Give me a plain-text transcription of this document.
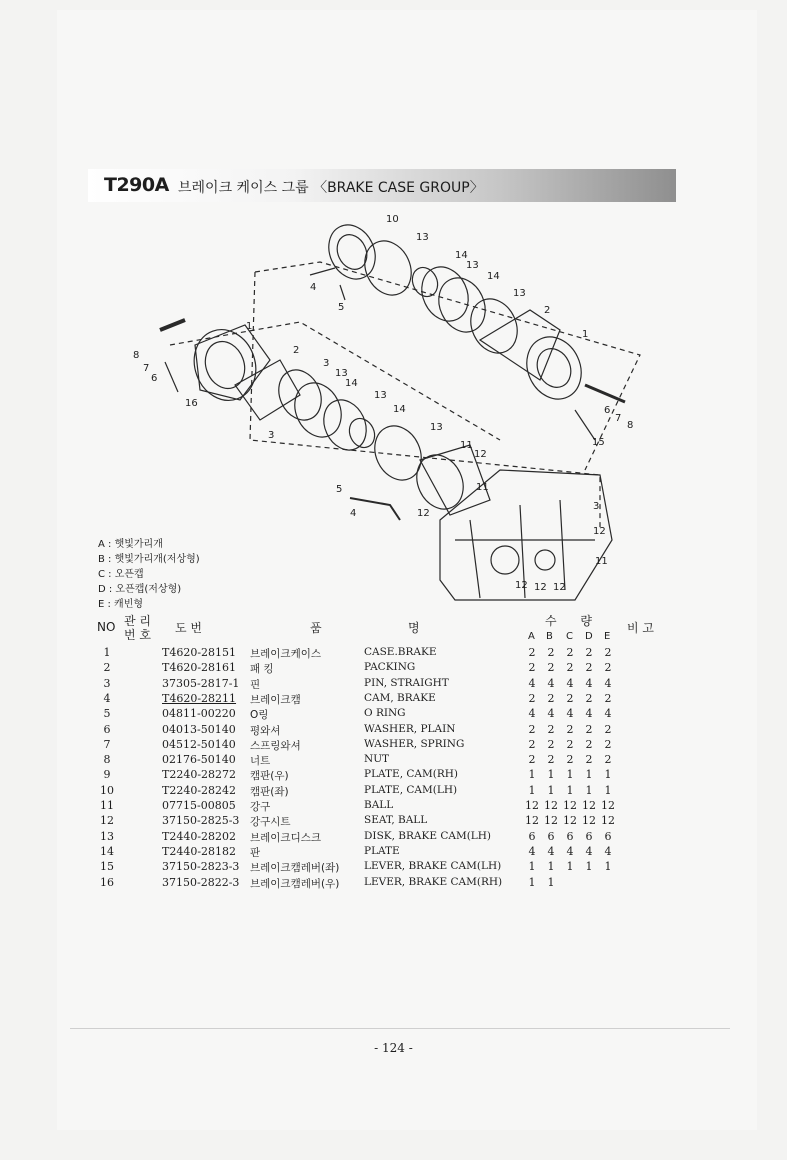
T290A 브레이크 케이스 그룹 〈BRAKE CASE GROUP〉
10
13
14
13
14
13
2
1
4
5
1
8
7
6
2
3
13
14
16
13
14
13
3
11
12
11
5
4	12
3
12
11
12 12 12
6
7
8
15
A : 햇빛가리개
B : 햇빛가리개(저상형)
C : 오픈캡
D : 오픈캡(저상형)
E : 캐빈형
NO 관 리
번 호 도 번	품	명	수 량	비 고
A B C D E
1	T4620-28151 브레이크케이스	CASE.BRAKE	2	2	2	2	2
2	T4620-28161 패 킹	PACKING	2	2	2	2	2
3	37305-2817-1 핀	PIN, STRAIGHT	4	4	4	4	4
4	T4620-28211 브레이크캠	CAM, BRAKE	2	2	2	2	2
5	04811-00220 O링	O RING	4	4	4	4	4
6	04013-50140 평와셔	WASHER, PLAIN	2	2	2	2	2
7	04512-50140 스프링와셔	WASHER, SPRING	2	2	2	2	2
8	02176-50140 너트	NUT	2	2	2	2	2
9	T2240-28272 캠판(우)	PLATE, CAM(RH)	1	1	1	1	1
10	T2240-28242 캠판(좌)	PLATE, CAM(LH)	1	1	1	1	1
11	07715-00805 강구	BALL	12 12 12 12 12
12	37150-2825-3 강구시트	SEAT, BALL	12 12 12 12 12
13	T2440-28202 브레이크디스크	DISK, BRAKE CAM(LH)	6	6	6	6	6
14	T2440-28182 판	PLATE	4	4	4	4	4
15	37150-2823-3 브레이크캠레버(좌) LEVER, BRAKE CAM(LH)	1	1	1	1	1
16	37150-2822-3 브레이크캠레버(우) LEVER, BRAKE CAM(RH)	1	1
- 124 -
